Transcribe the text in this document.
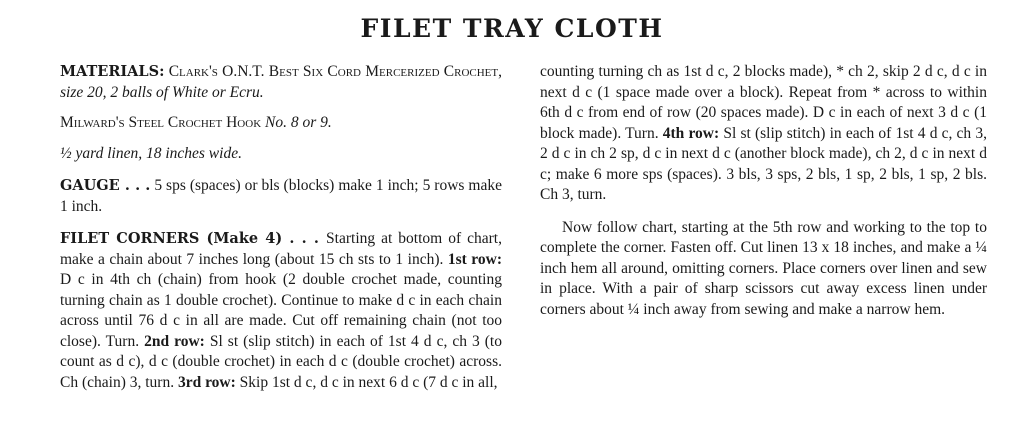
FILET TRAY CLOTH

MATERIALS: Clark's O.N.T. Best Six Cord Mercerized Crochet, size 20, 2 balls of White or Ecru.

Milward's Steel Crochet Hook No. 8 or 9.

½ yard linen, 18 inches wide.

GAUGE . . . 5 sps (spaces) or bls (blocks) make 1 inch; 5 rows make 1 inch.

FILET CORNERS (Make 4) . . . Starting at bottom of chart, make a chain about 7 inches long (about 15 ch sts to 1 inch). 1st row: D c in 4th ch (chain) from hook (2 double crochet made, counting turning chain as 1 double crochet). Continue to make d c in each chain across until 76 d c in all are made. Cut off remaining chain (not too close). Turn. 2nd row: Sl st (slip stitch) in each of 1st 4 d c, ch 3 (to count as d c), d c (double crochet) in each d c (double crochet) across. Ch (chain) 3, turn. 3rd row: Skip 1st d c, d c in next 6 d c (7 d c in all,

counting turning ch as 1st d c, 2 blocks made), * ch 2, skip 2 d c, d c in next d c (1 space made over a block). Repeat from * across to within 6th d c from end of row (20 spaces made). D c in each of next 3 d c (1 block made). Turn. 4th row: Sl st (slip stitch) in each of 1st 4 d c, ch 3, 2 d c in ch 2 sp, d c in next d c (another block made), ch 2, d c in next d c; make 6 more sps (spaces). 3 bls, 3 sps, 2 bls, 1 sp, 2 bls, 1 sp, 2 bls. Ch 3, turn.

Now follow chart, starting at the 5th row and working to the top to complete the corner. Fasten off. Cut linen 13 x 18 inches, and make a ¼ inch hem all around, omitting corners. Place corners over linen and sew in place. With a pair of sharp scissors cut away excess linen under corners about ¼ inch away from sewing and make a narrow hem.
